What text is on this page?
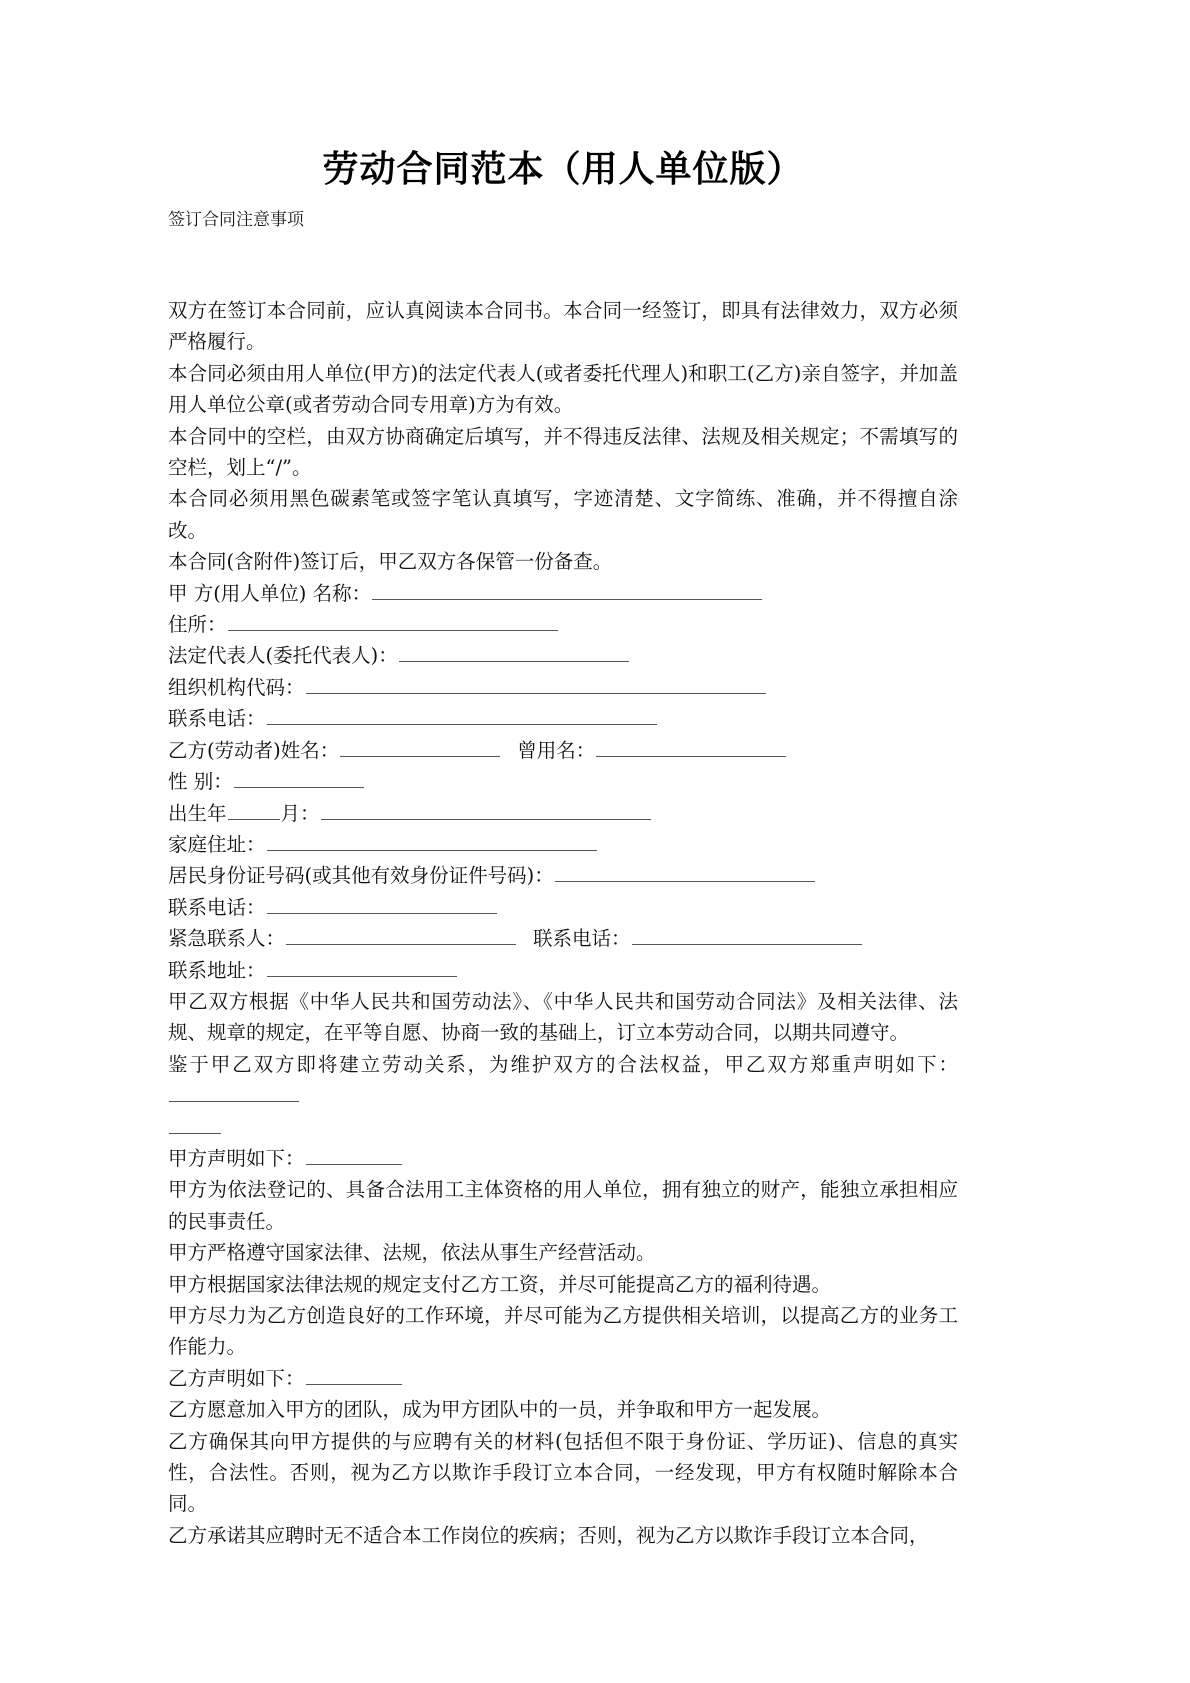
劳动合同范本（用人单位版）

签订合同注意事项

双方在签订本合同前，应认真阅读本合同书。本合同一经签订，即具有法律效力，双方必须严格履行。

本合同必须由用人单位(甲方)的法定代表人(或者委托代理人)和职工(乙方)亲自签字，并加盖用人单位公章(或者劳动合同专用章)方为有效。

本合同中的空栏，由双方协商确定后填写，并不得违反法律、法规及相关规定；不需填写的空栏，划上“/”。

本合同必须用黑色碳素笔或签字笔认真填写，字迹清楚、文字简练、准确，并不得擅自涂改。

本合同(含附件)签订后，甲乙双方各保管一份备查。

甲 方(用人单位) 名称：

住所：

法定代表人(委托代表人)：

组织机构代码：

联系电话：

乙方(劳动者)姓名：	曾用名：

性 别：

出生年	月：

家庭住址：

居民身份证号码(或其他有效身份证件号码)：

联系电话：

紧急联系人：	联系电话：

联系地址：

甲乙双方根据《中华人民共和国劳动法》、《中华人民共和国劳动合同法》及相关法律、法规、规章的规定，在平等自愿、协商一致的基础上，订立本劳动合同，以期共同遵守。

鉴于甲乙双方即将建立劳动关系，为维护双方的合法权益，甲乙双方郑重声明如下：

甲方声明如下：

甲方为依法登记的、具备合法用工主体资格的用人单位，拥有独立的财产，能独立承担相应的民事责任。

甲方严格遵守国家法律、法规，依法从事生产经营活动。

甲方根据国家法律法规的规定支付乙方工资，并尽可能提高乙方的福利待遇。

甲方尽力为乙方创造良好的工作环境，并尽可能为乙方提供相关培训，以提高乙方的业务工作能力。

乙方声明如下：

乙方愿意加入甲方的团队，成为甲方团队中的一员，并争取和甲方一起发展。

乙方确保其向甲方提供的与应聘有关的材料(包括但不限于身份证、学历证)、信息的真实性，合法性。否则，视为乙方以欺诈手段订立本合同，一经发现，甲方有权随时解除本合同。

乙方承诺其应聘时无不适合本工作岗位的疾病；否则，视为乙方以欺诈手段订立本合同，
